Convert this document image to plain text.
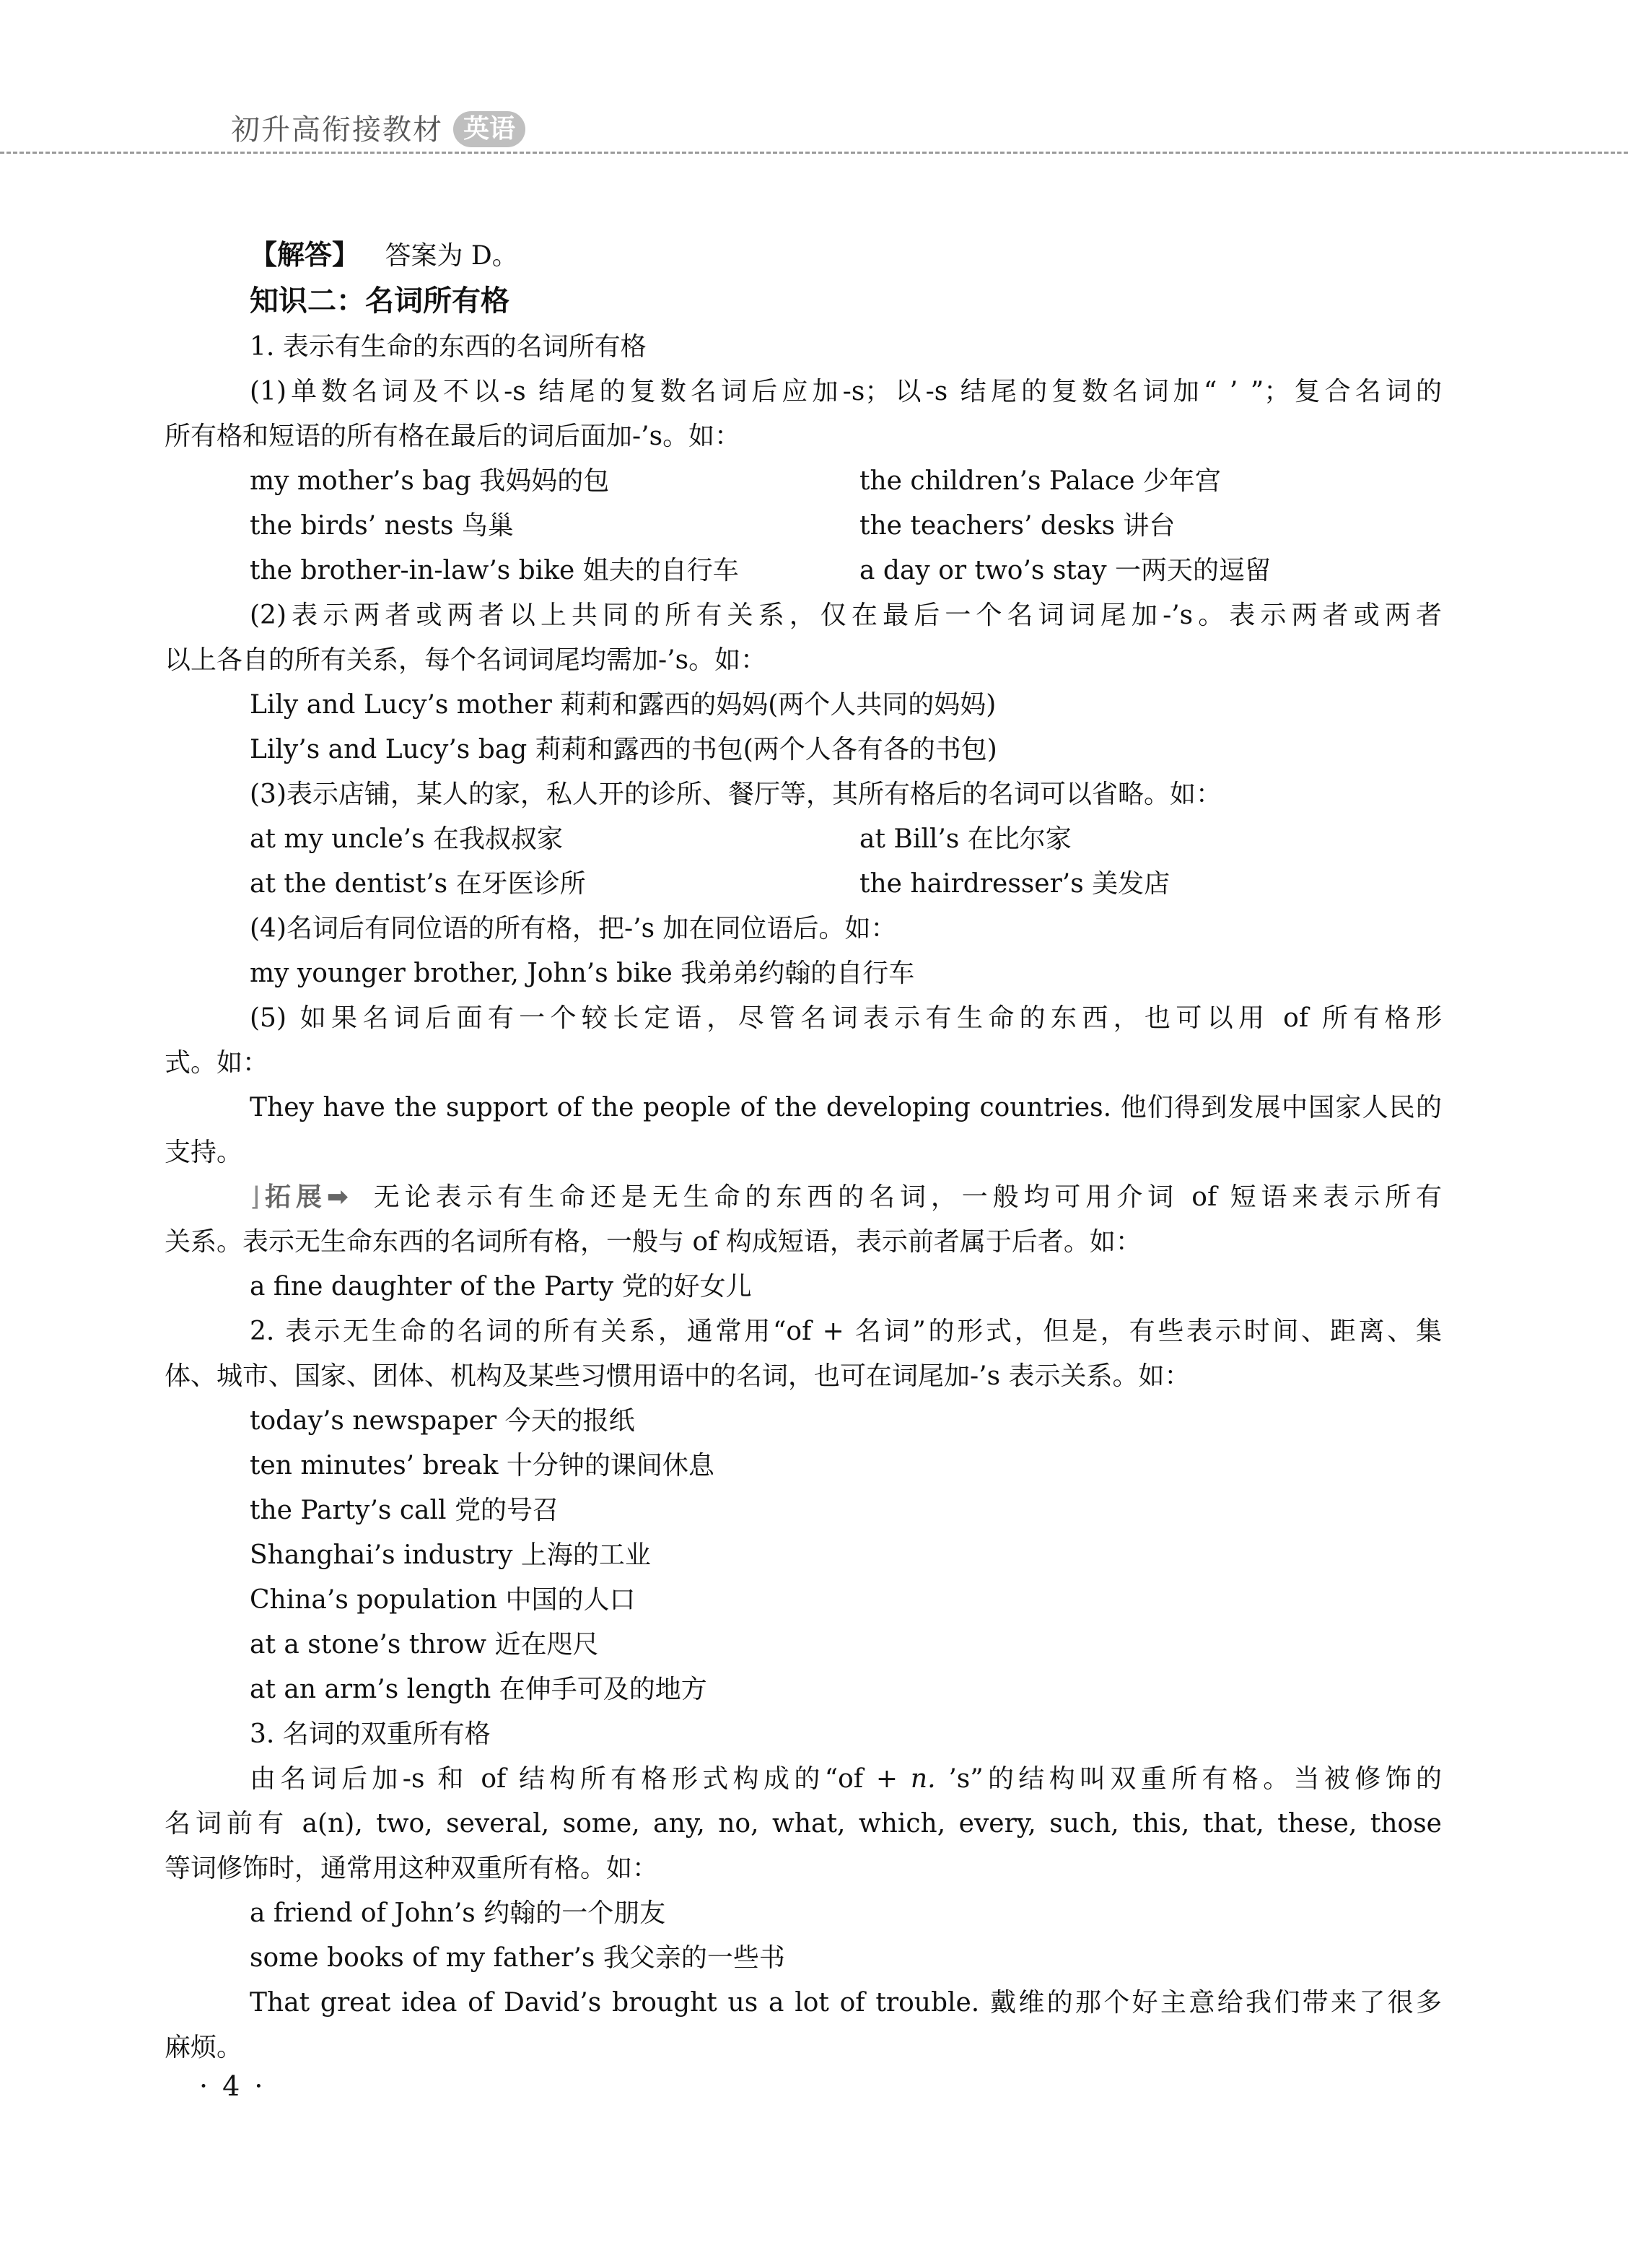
初升高衔接教材 英语
【解答】 答案为 D。
知识二：名词所有格
1. 表示有生命的东西的名词所有格
(1)单数名词及不以-s 结尾的复数名词后应加-s；以-s 结尾的复数名词加“ ’ ”；复合名词的
所有格和短语的所有格在最后的词后面加-’s。如：
my mother’s bag 我妈妈的包	the children’s Palace 少年宫
the birds’ nests 鸟巢	the teachers’ desks 讲台
the brother-in-law’s bike 姐夫的自行车	a day or two’s stay 一两天的逗留
(2)表示两者或两者以上共同的所有关系，仅在最后一个名词词尾加-’s。表示两者或两者
以上各自的所有关系，每个名词词尾均需加-’s。如：
Lily and Lucy’s mother 莉莉和露西的妈妈(两个人共同的妈妈)
Lily’s and Lucy’s bag 莉莉和露西的书包(两个人各有各的书包)
(3)表示店铺，某人的家，私人开的诊所、餐厅等，其所有格后的名词可以省略。如：
at my uncle’s 在我叔叔家	at Bill’s 在比尔家
at the dentist’s 在牙医诊所	the hairdresser’s 美发店
(4)名词后有同位语的所有格，把-’s 加在同位语后。如：
my younger brother, John’s bike 我弟弟约翰的自行车
(5) 如果名词后面有一个较长定语，尽管名词表示有生命的东西，也可以用 of 所有格形
式。如：
They have the support of the people of the developing countries. 他们得到发展中国家人民的
支持。
⌋拓展➡ 无论表示有生命还是无生命的东西的名词，一般均可用介词 of 短语来表示所有
关系。表示无生命东西的名词所有格，一般与 of 构成短语，表示前者属于后者。如：
a fine daughter of the Party 党的好女儿
2. 表示无生命的名词的所有关系，通常用“of + 名词”的形式，但是，有些表示时间、距离、集
体、城市、国家、团体、机构及某些习惯用语中的名词，也可在词尾加-’s 表示关系。如：
today’s newspaper 今天的报纸
ten minutes’ break 十分钟的课间休息
the Party’s call 党的号召
Shanghai’s industry 上海的工业
China’s population 中国的人口
at a stone’s throw 近在咫尺
at an arm’s length 在伸手可及的地方
3. 名词的双重所有格
由名词后加-s 和 of 结构所有格形式构成的“of + n. ’s”的结构叫双重所有格。当被修饰的
名词前有 a(n), two, several, some, any, no, what, which, every, such, this, that, these, those
等词修饰时，通常用这种双重所有格。如：
a friend of John’s 约翰的一个朋友
some books of my father’s 我父亲的一些书
That great idea of David’s brought us a lot of trouble. 戴维的那个好主意给我们带来了很多
麻烦。
· 4 ·
